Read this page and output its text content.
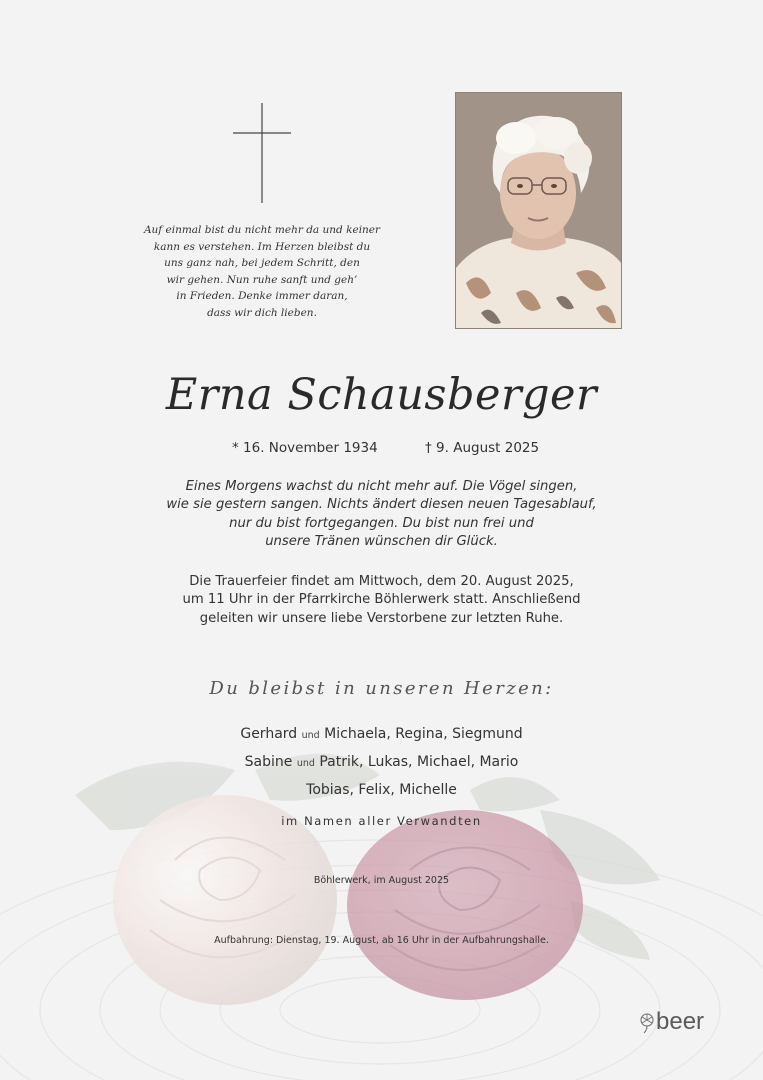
Auf einmal bist du nicht mehr da und keiner
kann es verstehen. Im Herzen bleibst du
uns ganz nah, bei jedem Schritt, den
wir gehen. Nun ruhe sanft und geh’
in Frieden. Denke immer daran,
dass wir dich lieben.
Erna Schausberger
* 16. November 1934	† 9. August 2025
Eines Morgens wachst du nicht mehr auf. Die Vögel singen,
wie sie gestern sangen. Nichts ändert diesen neuen Tagesablauf,
nur du bist fortgegangen. Du bist nun frei und
unsere Tränen wünschen dir Glück.
Die Trauerfeier findet am Mittwoch, dem 20. August 2025,
um 11 Uhr in der Pfarrkirche Böhlerwerk statt. Anschließend
geleiten wir unsere liebe Verstorbene zur letzten Ruhe.
Du bleibst in unseren Herzen:
Gerhard und Michaela, Regina, Siegmund
Sabine und Patrik, Lukas, Michael, Mario
Tobias, Felix, Michelle
im Namen aller Verwandten
Böhlerwerk, im August 2025
Aufbahrung: Dienstag, 19. August, ab 16 Uhr in der Aufbahrungshalle.
beer
